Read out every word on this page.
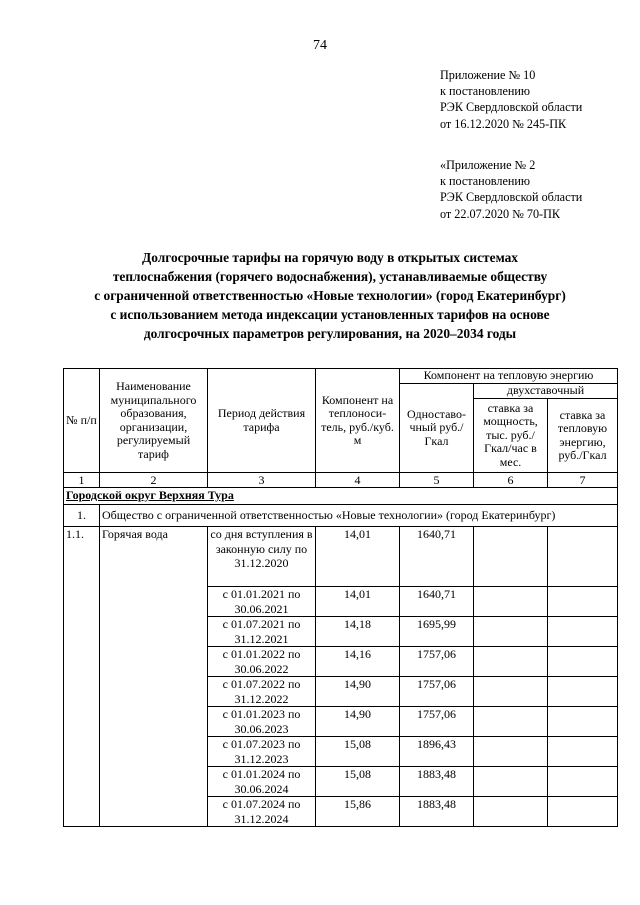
74
Приложение № 10
к постановлению
РЭК Свердловской области
от 16.12.2020 № 245-ПК
«Приложение № 2
к постановлению
РЭК Свердловской области
от 22.07.2020 № 70-ПК
Долгосрочные тарифы на горячую воду в открытых системах
теплоснабжения (горячего водоснабжения), устанавливаемые обществу
с ограниченной ответственностью «Новые технологии» (город Екатеринбург)
с использованием метода индексации установленных тарифов на основе
долгосрочных параметров регулирования, на 2020–2034 годы
№ п/п	Наименование муниципального образования, организации, регулируемый тариф	Период действия тарифа	Компонент на теплоноси-тель, руб./куб. м	Компонент на тепловую энергию		
				Одноставо-чный руб./Гкал	двухставочный	
					ставка за мощность, тыс. руб./Гкал/час в мес.	ставка за тепловую энергию, руб./Гкал
1	2	3	4	5	6	7
Городской округ Верхняя Тура						
1.	Общество с ограниченной ответственностью «Новые технологии» (город Екатеринбург)					
1.1.	Горячая вода	со дня вступления в законную силу по 31.12.2020	14,01	1640,71		
		с 01.01.2021 по 30.06.2021	14,01	1640,71		
		с 01.07.2021 по 31.12.2021	14,18	1695,99		
		с 01.01.2022 по 30.06.2022	14,16	1757,06		
		с 01.07.2022 по 31.12.2022	14,90	1757,06		
		с 01.01.2023 по 30.06.2023	14,90	1757,06		
		с 01.07.2023 по 31.12.2023	15,08	1896,43		
		с 01.01.2024 по 30.06.2024	15,08	1883,48		
		с 01.07.2024 по 31.12.2024	15,86	1883,48		
